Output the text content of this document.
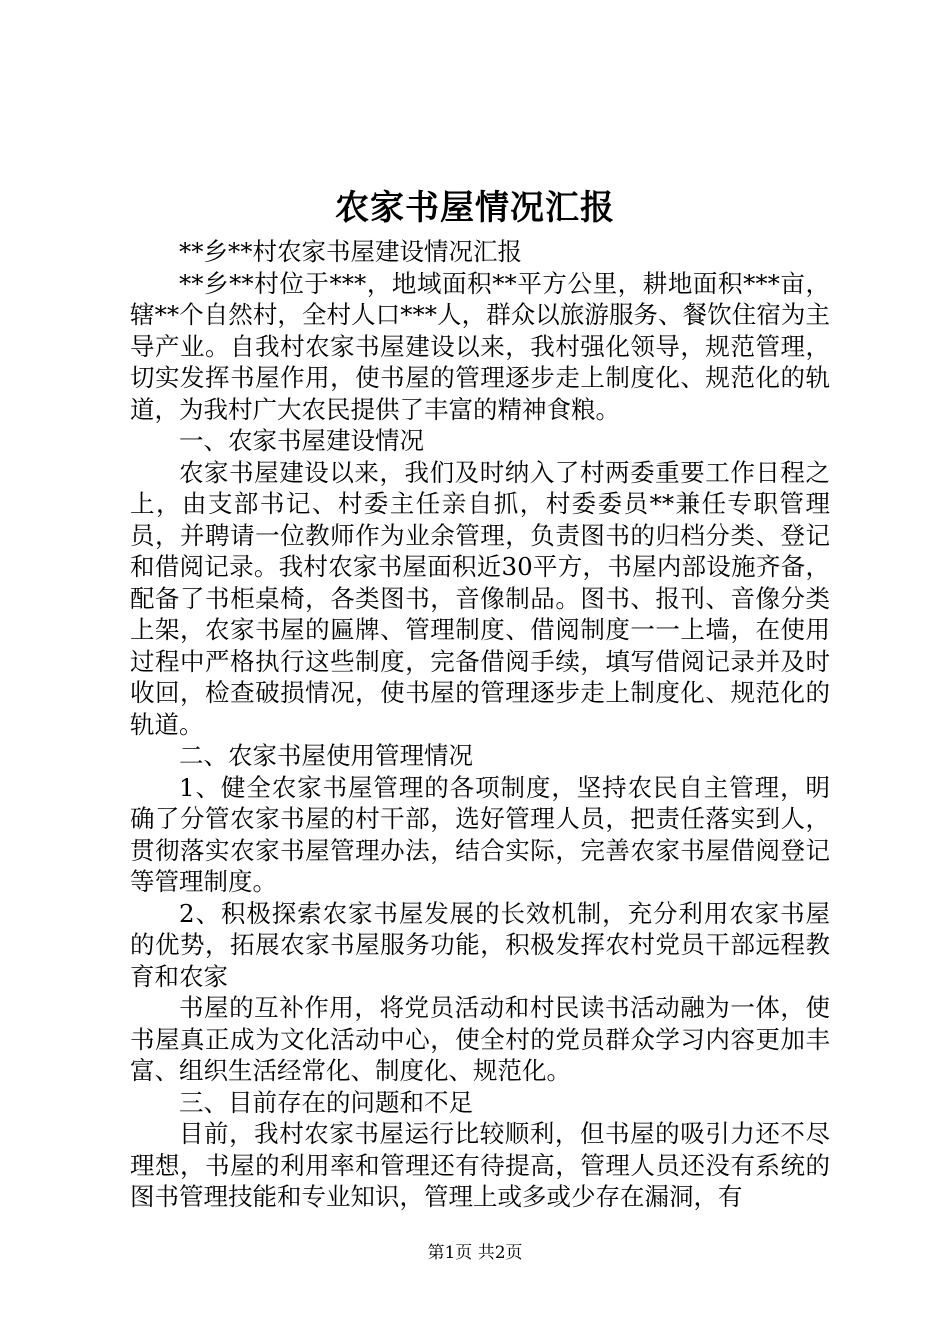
农家书屋情况汇报

**乡**村农家书屋建设情况汇报

**乡**村位于***，地域面积**平方公里，耕地面积***亩，辖**个自然村，全村人口***人，群众以旅游服务、餐饮住宿为主导产业。自我村农家书屋建设以来，我村强化领导，规范管理，切实发挥书屋作用，使书屋的管理逐步走上制度化、规范化的轨道，为我村广大农民提供了丰富的精神食粮。

一、农家书屋建设情况

农家书屋建设以来，我们及时纳入了村两委重要工作日程之上，由支部书记、村委主任亲自抓，村委委员**兼任专职管理员，并聘请一位教师作为业余管理，负责图书的归档分类、登记和借阅记录。我村农家书屋面积近30平方，书屋内部设施齐备，配备了书柜桌椅，各类图书，音像制品。图书、报刊、音像分类上架，农家书屋的匾牌、管理制度、借阅制度一一上墙，在使用过程中严格执行这些制度，完备借阅手续，填写借阅记录并及时收回，检查破损情况，使书屋的管理逐步走上制度化、规范化的轨道。

二、农家书屋使用管理情况

1、健全农家书屋管理的各项制度，坚持农民自主管理，明确了分管农家书屋的村干部，选好管理人员，把责任落实到人，贯彻落实农家书屋管理办法，结合实际，完善农家书屋借阅登记等管理制度。

2、积极探索农家书屋发展的长效机制，充分利用农家书屋的优势，拓展农家书屋服务功能，积极发挥农村党员干部远程教育和农家

书屋的互补作用，将党员活动和村民读书活动融为一体，使书屋真正成为文化活动中心，使全村的党员群众学习内容更加丰富、组织生活经常化、制度化、规范化。

三、目前存在的问题和不足

目前，我村农家书屋运行比较顺利，但书屋的吸引力还不尽理想，书屋的利用率和管理还有待提高，管理人员还没有系统的图书管理技能和专业知识，管理上或多或少存在漏洞，有

第1页 共2页
